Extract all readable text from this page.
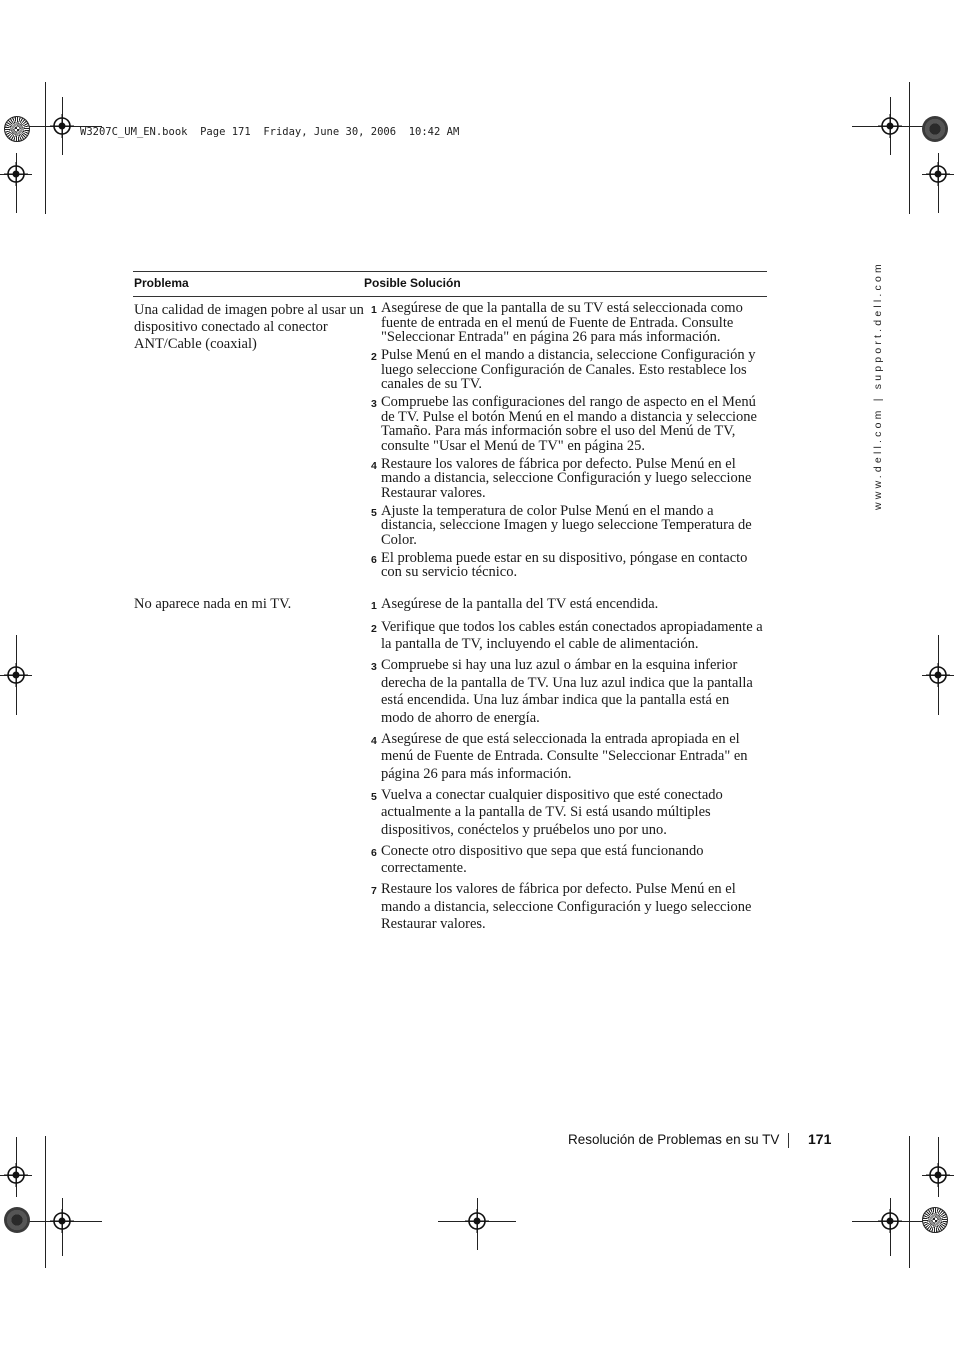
W3207C_UM_EN.book  Page 171  Friday, June 30, 2006  10:42 AM
www.dell.com | support.dell.com
Problema	Posible Solución
Una calidad de imagen pobre al usar un dispositivo conectado al conector ANT/Cable (coaxial)
1 Asegúrese de que la pantalla de su TV está seleccionada como fuente de entrada en el menú de Fuente de Entrada. Consulte "Seleccionar Entrada" en página 26 para más información.
2 Pulse Menú en el mando a distancia, seleccione Configuración y luego seleccione Configuración de Canales. Esto restablece los canales de su TV.
3 Compruebe las configuraciones del rango de aspecto en el Menú de TV. Pulse el botón Menú en el mando a distancia y seleccione Tamaño. Para más información sobre el uso del Menú de TV, consulte "Usar el Menú de TV" en página 25.
4 Restaure los valores de fábrica por defecto. Pulse Menú en el mando a distancia, seleccione Configuración y luego seleccione Restaurar valores.
5 Ajuste la temperatura de color Pulse Menú en el mando a distancia, seleccione Imagen y luego seleccione Temperatura de Color.
6 El problema puede estar en su dispositivo, póngase en contacto con su servicio técnico.
No aparece nada en mi TV.	1 Asegúrese de la pantalla del TV está encendida.
2 Verifique que todos los cables están conectados apropiadamente a la pantalla de TV, incluyendo el cable de alimentación.
3 Compruebe si hay una luz azul o ámbar en la esquina inferior derecha de la pantalla de TV. Una luz azul indica que la pantalla está encendida. Una luz ámbar indica que la pantalla está en modo de ahorro de energía.
4 Asegúrese de que está seleccionada la entrada apropiada en el menú de Fuente de Entrada. Consulte "Seleccionar Entrada" en página 26 para más información.
5 Vuelva a conectar cualquier dispositivo que esté conectado actualmente a la pantalla de TV. Si está usando múltiples dispositivos, conéctelos y pruébelos uno por uno.
6 Conecte otro dispositivo que sepa que está funcionando correctamente.
7 Restaure los valores de fábrica por defecto. Pulse Menú en el mando a distancia, seleccione Configuración y luego seleccione Restaurar valores.
Resolución de Problemas en su TV 171
